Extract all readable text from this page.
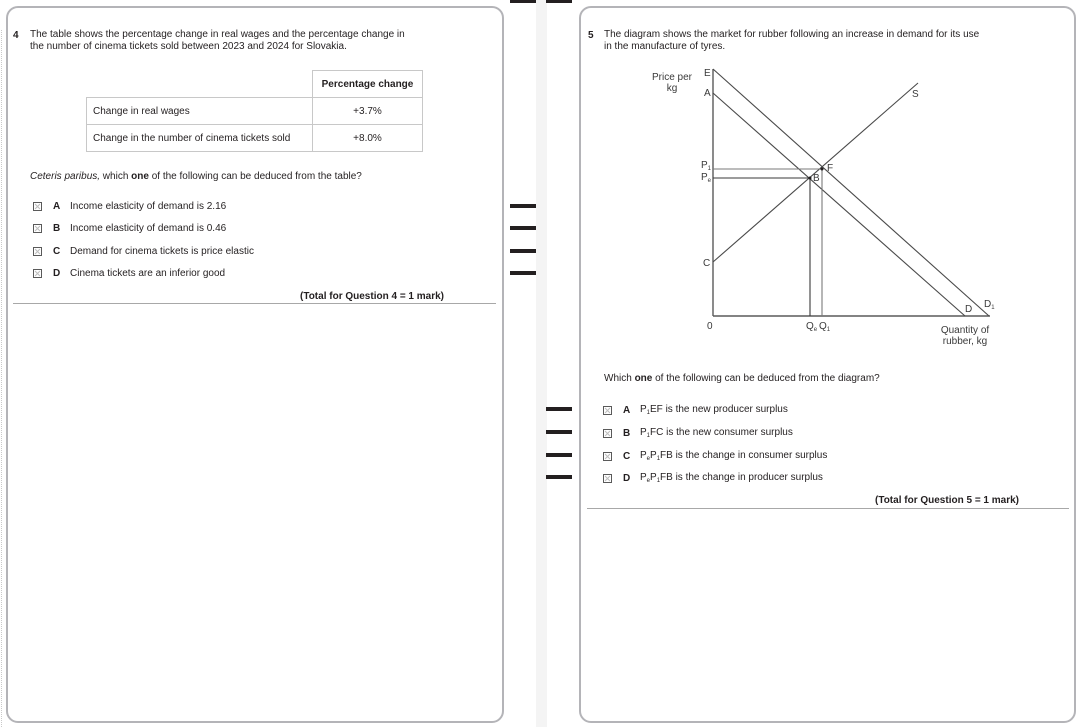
4 The table shows the percentage change in real wages and the percentage change in
the number of cinema tickets sold between 2023 and 2024 for Slovakia.
	Percentage change
Change in real wages	+3.7%
Change in the number of cinema tickets sold	+8.0%
Ceteris paribus, which one of the following can be deduced from the table?
A Income elasticity of demand is 2.16
B Income elasticity of demand is 0.46
C Demand for cinema tickets is price elastic
D Cinema tickets are an inferior good
(Total for Question 4 = 1 mark)
5 The diagram shows the market for rubber following an increase in demand for its use
in the manufacture of tyres.
Price per
kg
E
A
$P_1$
$P_e$
C
F
B
S
D $D_1$
0	$Q_e$ $Q_1$	Quantity of
rubber, kg
Which one of the following can be deduced from the diagram?
A $P_1EF$ is the new producer surplus
B $P_1FC$ is the new consumer surplus
C $P_eP_1FB$ is the change in consumer surplus
D $P_eP_1FB$ is the change in producer surplus
(Total for Question 5 = 1 mark)
